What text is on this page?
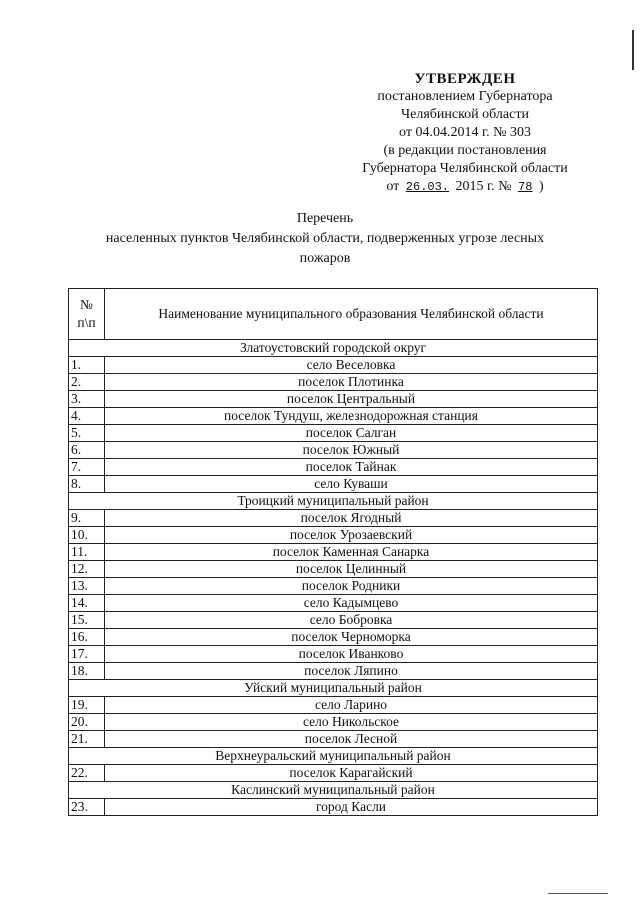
УТВЕРЖДЕН
постановлением Губернатора
Челябинской области
от 04.04.2014 г. № 303
(в редакции постановления
Губернатора Челябинской области
от 26.03. 2015 г. № 78 )
Перечень
населенных пунктов Челябинской области, подверженных угрозе лесных
пожаров
№
п\п	Наименование муниципального образования Челябинской области
Златоустовский городской округ	
1.	село Веселовка
2.	поселок Плотинка
3.	поселок Центральный
4.	поселок Тундуш, железнодорожная станция
5.	поселок Салган
6.	поселок Южный
7.	поселок Тайнак
8.	село Куваши
Троицкий муниципальный район	
9.	поселок Ягодный
10.	поселок Урозаевский
11.	поселок Каменная Санарка
12.	поселок Целинный
13.	поселок Родники
14.	село Кадымцево
15.	село Бобровка
16.	поселок Черноморка
17.	поселок Иванково
18.	поселок Ляпино
Уйский муниципальный район	
19.	село Ларино
20.	село Никольское
21.	поселок Лесной
Верхнеуральский муниципальный район	
22.	поселок Карагайский
Каслинский муниципальный район	
23.	город Касли
